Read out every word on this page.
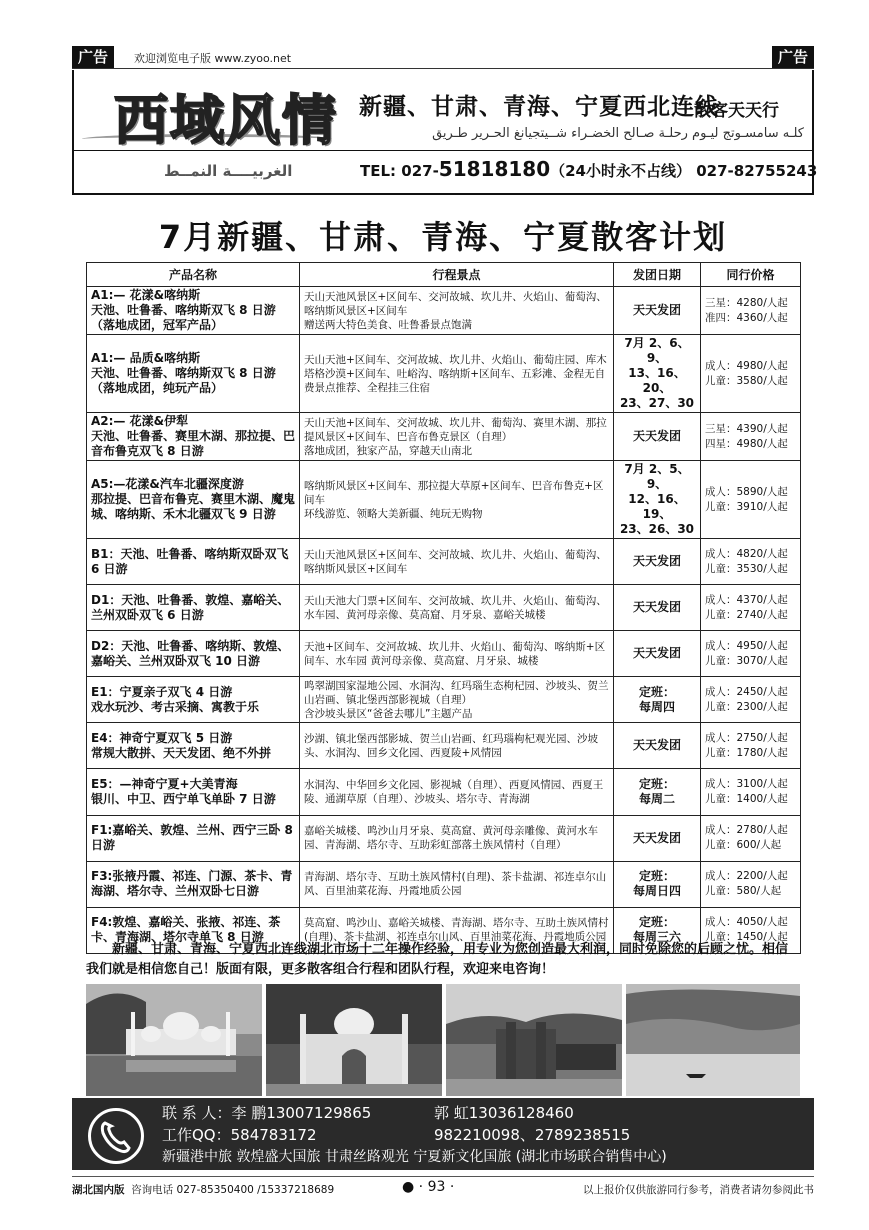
广告	欢迎浏览电子版 www.zyoo.net	广告
西域风情
الغربيــــة النمــط
新疆、甘肃、青海、宁夏西北连线
散客天天行
كلـه سامسـوتج ليـوم رحلـة صـالح الخضـراء شــيتجيانغ الحـرير طـريق
TEL: 027-51818180（24小时永不占线） 027-82755243
7月新疆、甘肃、青海、宁夏散客计划
产品名称	行程景点	发团日期	同行价格
A1:— 花漾&喀纳斯
天池、吐鲁番、喀纳斯双飞 8 日游
（落地成团，冠军产品）	天山天池风景区+区间车、交河故城、坎儿井、火焰山、葡萄沟、喀纳斯风景区+区间车
赠送两大特色美食、吐鲁番景点饱满	天天发团	三星：4280/人起
准四：4360/人起
A1:— 品质&喀纳斯
天池、吐鲁番、喀纳斯双飞 8 日游
（落地成团，纯玩产品）	天山天池+区间车、交河故城、坎儿井、火焰山、葡萄庄园、库木塔格沙漠+区间车、吐峪沟、喀纳斯+区间车、五彩滩、金程无自费景点推荐、全程挂三住宿	7月 2、6、9、
13、16、20、
23、27、30	成人：4980/人起
儿童：3580/人起
A2:— 花漾&伊犁
天池、吐鲁番、赛里木湖、那拉提、巴音布鲁克双飞 8 日游	天山天池+区间车、交河故城、坎儿井、葡萄沟、赛里木湖、那拉提风景区+区间车、巴音布鲁克景区（自理）
落地成团，独家产品，穿越天山南北	天天发团	三星：4390/人起
四星：4980/人起
A5:—花漾&汽车北疆深度游
那拉提、巴音布鲁克、赛里木湖、魔鬼城、喀纳斯、禾木北疆双飞 9 日游	喀纳斯风景区+区间车、那拉提大草原+区间车、巴音布鲁克+区间车
环线游览、领略大美新疆、纯玩无购物	7月 2、5、9、
12、16、19、
23、26、30	成人：5890/人起
儿童：3910/人起
B1：天池、吐鲁番、喀纳斯双卧双飞 6 日游	天山天池风景区+区间车、交河故城、坎儿井、火焰山、葡萄沟、喀纳斯风景区+区间车	天天发团	成人：4820/人起
儿童：3530/人起
D1：天池、吐鲁番、敦煌、嘉峪关、兰州双卧双飞 6 日游	天山天池大门票+区间车、交河故城、坎儿井、火焰山、葡萄沟、水车园、黄河母亲像、莫高窟、月牙泉、嘉峪关城楼	天天发团	成人：4370/人起
儿童：2740/人起
D2：天池、吐鲁番、喀纳斯、敦煌、嘉峪关、兰州双卧双飞 10 日游	天池+区间车、交河故城、坎儿井、火焰山、葡萄沟、喀纳斯+区间车、水车园 黄河母亲像、莫高窟、月牙泉、城楼	天天发团	成人：4950/人起
儿童：3070/人起
E1：宁夏亲子双飞 4 日游
戏水玩沙、考古采摘、寓教于乐	鸣翠湖国家湿地公园、水洞沟、红玛瑙生态枸杞园、沙坡头、贺兰山岩画、镇北堡西部影视城（自理）
含沙坡头景区“爸爸去哪儿”主题产品	定班：
每周四	成人：2450/人起
儿童：2300/人起
E4：神奇宁夏双飞 5 日游
常规大散拼、天天发团、绝不外拼	沙湖、镇北堡西部影城、贺兰山岩画、红玛瑙枸杞观光园、沙坡头、水洞沟、回乡文化园、西夏陵+风情园	天天发团	成人：2750/人起
儿童：1780/人起
E5：—神奇宁夏+大美青海
银川、中卫、西宁单飞单卧 7 日游	水洞沟、中华回乡文化园、影视城（自理）、西夏风情园、西夏王陵、通湖草原（自理）、沙坡头、塔尔寺、青海湖	定班：
每周二	成人：3100/人起
儿童：1400/人起
F1:嘉峪关、敦煌、兰州、西宁三卧 8 日游	嘉峪关城楼、鸣沙山月牙泉、莫高窟、黄河母亲雕像、黄河水车园、青海湖、塔尔寺、互助彩虹部落土族风情村（自理）	天天发团	成人：2780/人起
儿童：600/人起
F3:张掖丹霞、祁连、门源、茶卡、青海湖、塔尔寺、兰州双卧七日游	青海湖、塔尔寺、互助土族风情村(自理)、茶卡盐湖、祁连卓尔山风、百里油菜花海、丹霞地质公园	定班：
每周日四	成人：2200/人起
儿童：580/人起
F4:敦煌、嘉峪关、张掖、祁连、茶卡、青海湖、塔尔寺单飞 8 日游	莫高窟、鸣沙山、嘉峪关城楼、青海湖、塔尔寺、互助土族风情村(自理)、茶卡盐湖、祁连卓尔山风、百里油菜花海、丹霞地质公园	定班：
每周三六	成人：4050/人起
儿童：1450/人起
新疆、甘肃、青海、宁夏西北连线湖北市场十二年操作经验，用专业为您创造最大利润，同时免除您的后顾之忧。相信我们就是相信您自己！版面有限，更多散客组合行程和团队行程，欢迎来电咨询！
联 系 人：李 鹏13007129865	郭 虹13036128460
工作QQ：584783172	982210098、2789238515
新疆港中旅 敦煌盛大国旅 甘肃丝路观光 宁夏新文化国旅 (湖北市场联合销售中心)
湖北国内版 咨询电话 027-85350400 /15337218689	● · 93 ·	以上报价仅供旅游同行参考，消费者请勿参阅此书
